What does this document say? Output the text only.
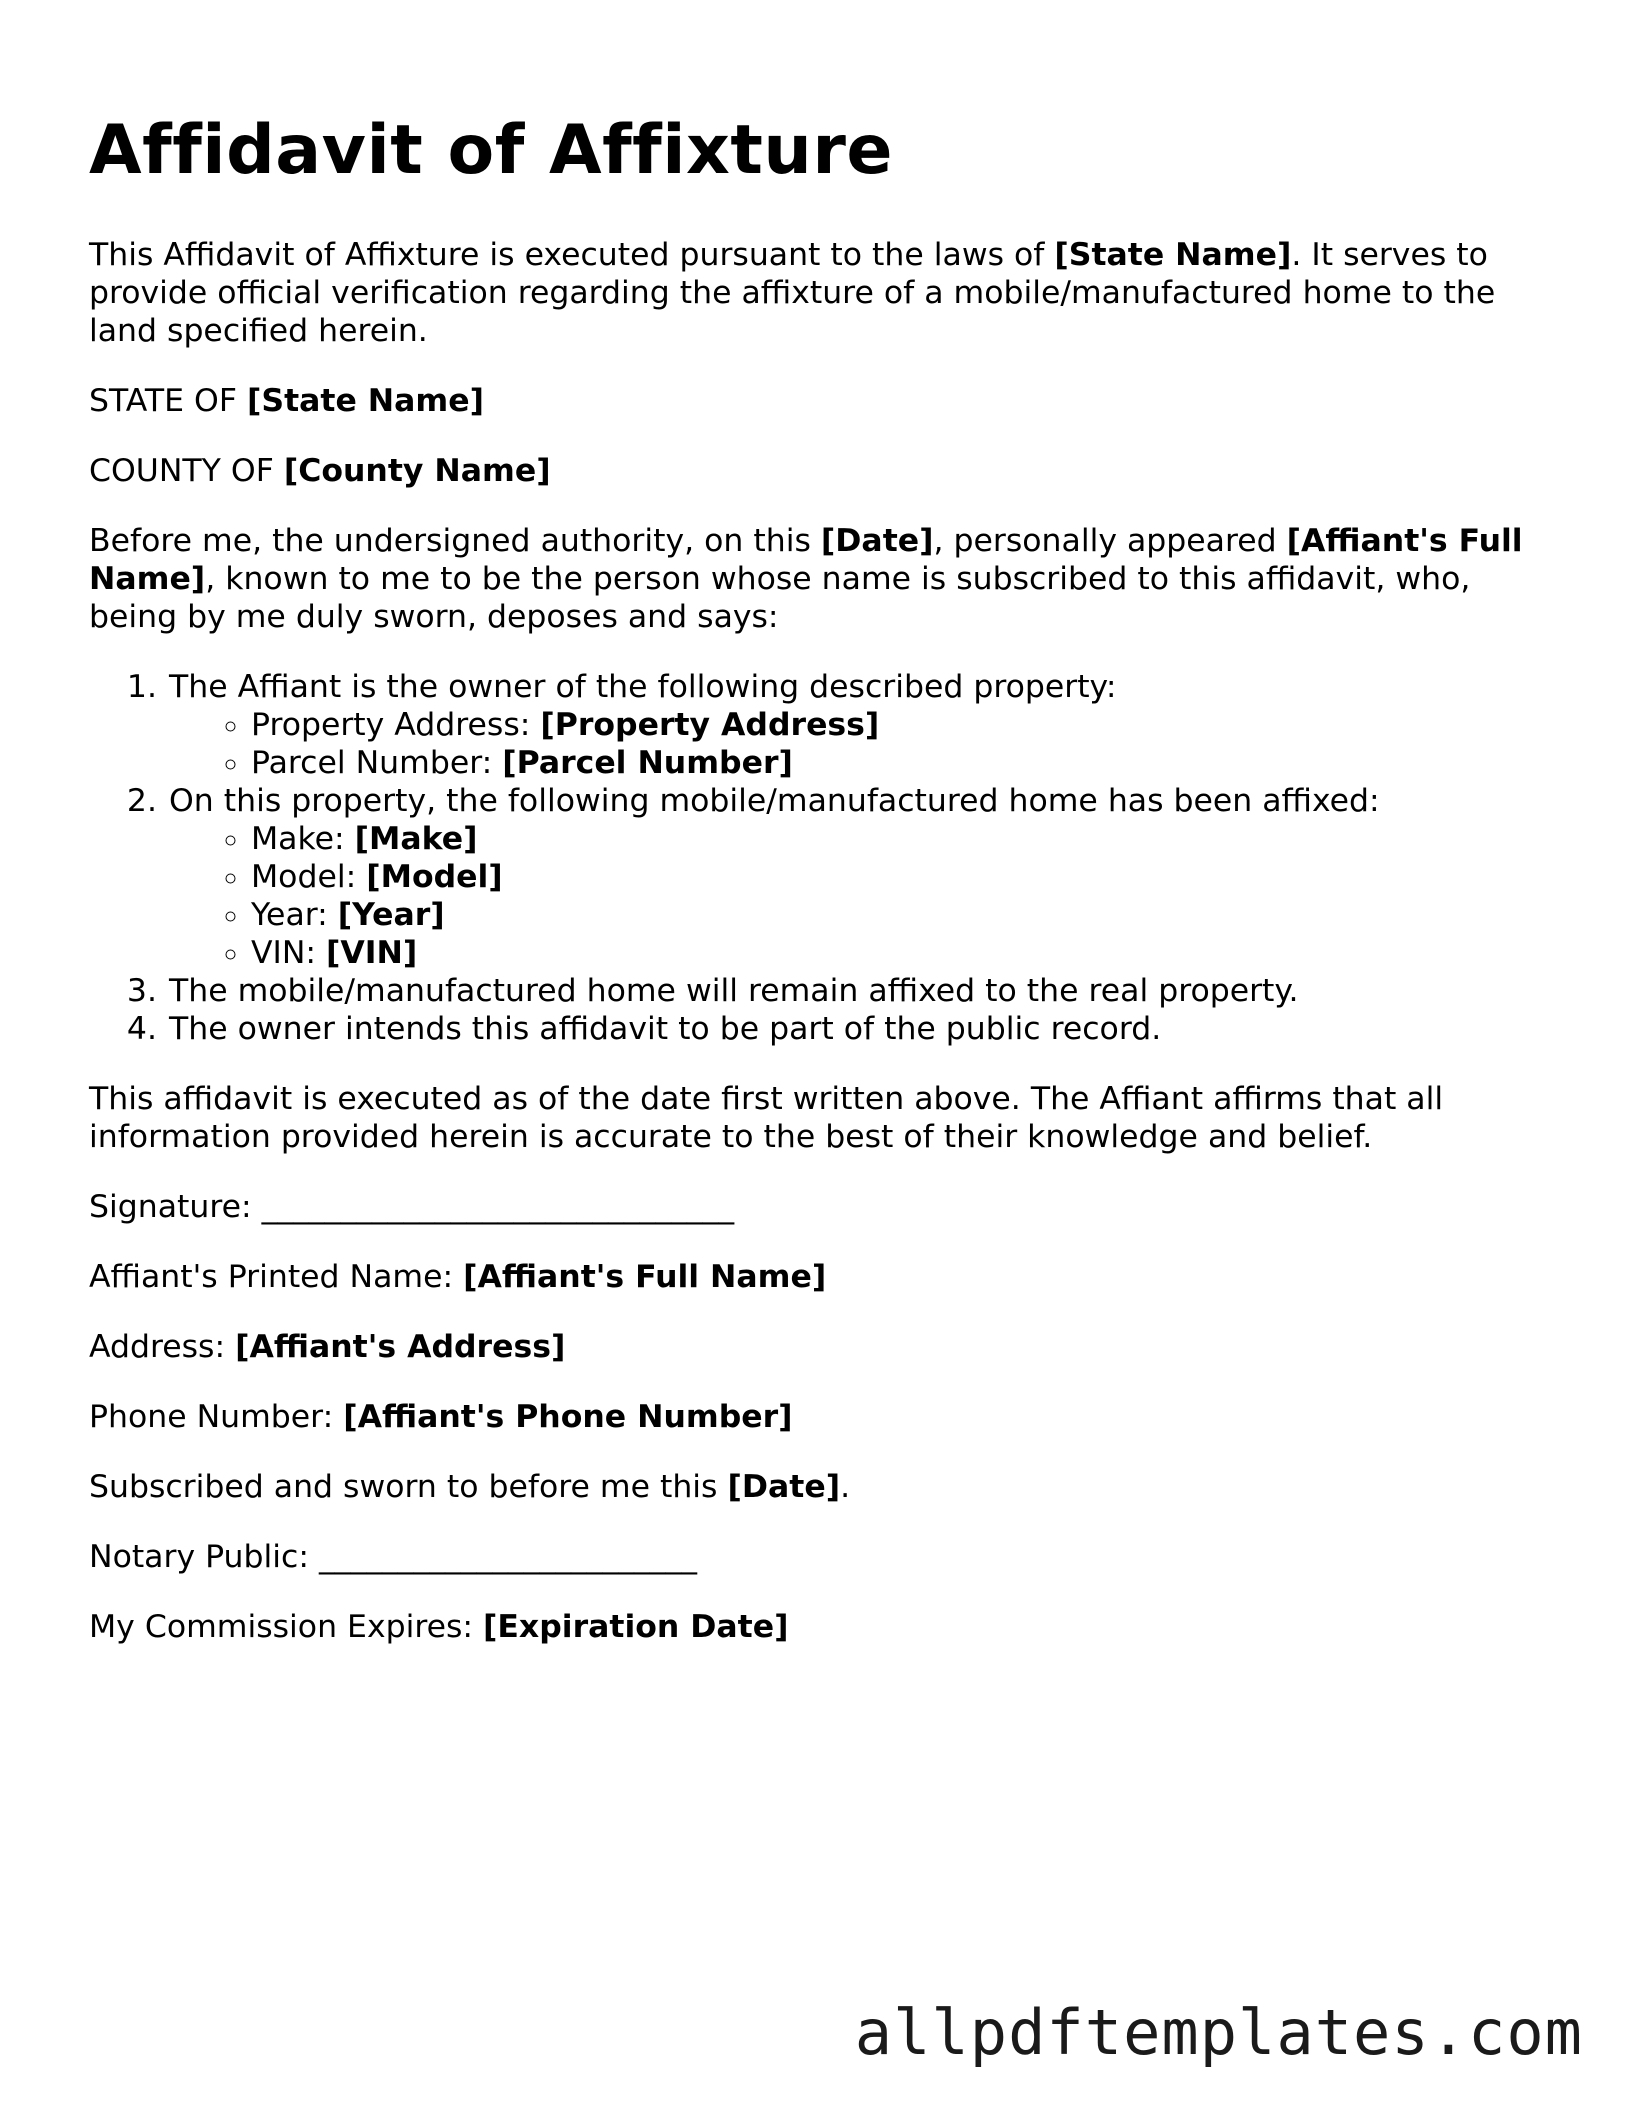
Affidavit of Affixture

This Affidavit of Affixture is executed pursuant to the laws of [State Name]. It serves to provide official verification regarding the affixture of a mobile/manufactured home to the land specified herein.

STATE OF [State Name]

COUNTY OF [County Name]

Before me, the undersigned authority, on this [Date], personally appeared [Affiant's Full Name], known to me to be the person whose name is subscribed to this affidavit, who, being by me duly sworn, deposes and says:

1. The Affiant is the owner of the following described property:
◦ Property Address: [Property Address]
◦ Parcel Number: [Parcel Number]
2. On this property, the following mobile/manufactured home has been affixed:
◦ Make: [Make]
◦ Model: [Model]
◦ Year: [Year]
◦ VIN: [VIN]
3. The mobile/manufactured home will remain affixed to the real property.
4. The owner intends this affidavit to be part of the public record.

This affidavit is executed as of the date first written above. The Affiant affirms that all information provided herein is accurate to the best of their knowledge and belief.

Signature: ______________________________

Affiant's Printed Name: [Affiant's Full Name]

Address: [Affiant's Address]

Phone Number: [Affiant's Phone Number]

Subscribed and sworn to before me this [Date].

Notary Public: ________________________

My Commission Expires: [Expiration Date]

allpdftemplates.com
